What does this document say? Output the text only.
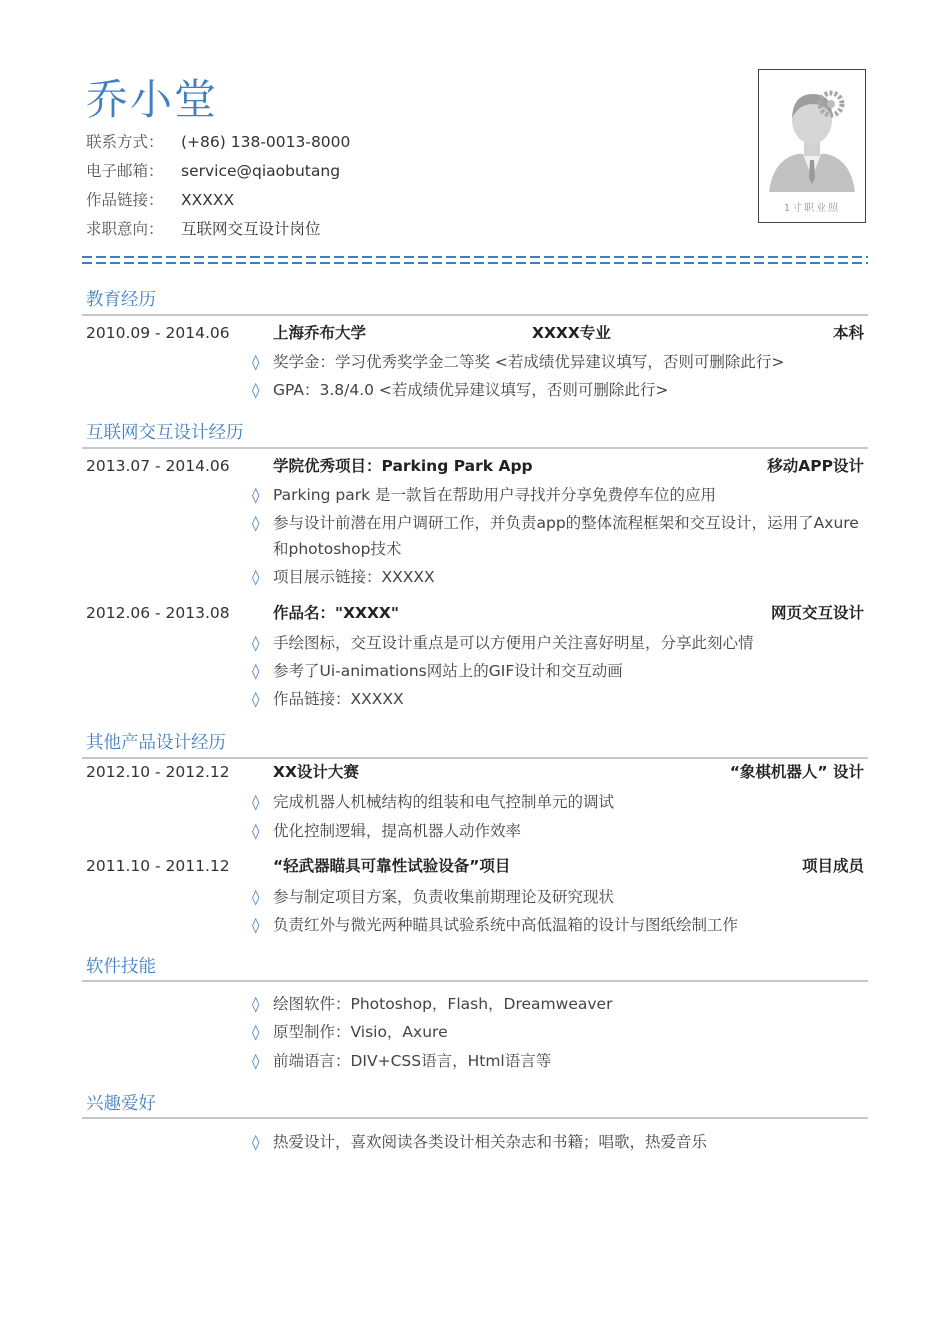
乔小堂
联系方式： (+86) 138-0013-8000
电子邮箱： service@qiaobutang
作品链接： XXXXX
求职意向： 互联网交互设计岗位
1寸职业照
教育经历
2010.09 - 2014.06	上海乔布大学	XXXX专业	本科
◊ 奖学金：学习优秀奖学金二等奖 <若成绩优异建议填写，否则可删除此行>
◊ GPA：3.8/4.0 <若成绩优异建议填写，否则可删除此行>
互联网交互设计经历
2013.07 - 2014.06	学院优秀项目：Parking Park App	移动APP设计
◊ Parking park 是一款旨在帮助用户寻找并分享免费停车位的应用
◊ 参与设计前潜在用户调研工作，并负责app的整体流程框架和交互设计，运用了Axure和photoshop技术
◊ 项目展示链接：XXXXX
2012.06 - 2013.08	作品名："XXXX"	网页交互设计
◊ 手绘图标，交互设计重点是可以方便用户关注喜好明星，分享此刻心情
◊ 参考了Ui-animations网站上的GIF设计和交互动画
◊ 作品链接：XXXXX
其他产品设计经历
2012.10 - 2012.12	XX设计大赛	“象棋机器人” 设计
◊ 完成机器人机械结构的组装和电气控制单元的调试
◊ 优化控制逻辑，提高机器人动作效率
2011.10 - 2011.12	“轻武器瞄具可靠性试验设备”项目	项目成员
◊ 参与制定项目方案，负责收集前期理论及研究现状
◊ 负责红外与微光两种瞄具试验系统中高低温箱的设计与图纸绘制工作
软件技能
◊ 绘图软件：Photoshop，Flash，Dreamweaver
◊ 原型制作：Visio，Axure
◊ 前端语言：DIV+CSS语言，Html语言等
兴趣爱好
◊ 热爱设计，喜欢阅读各类设计相关杂志和书籍；唱歌，热爱音乐
